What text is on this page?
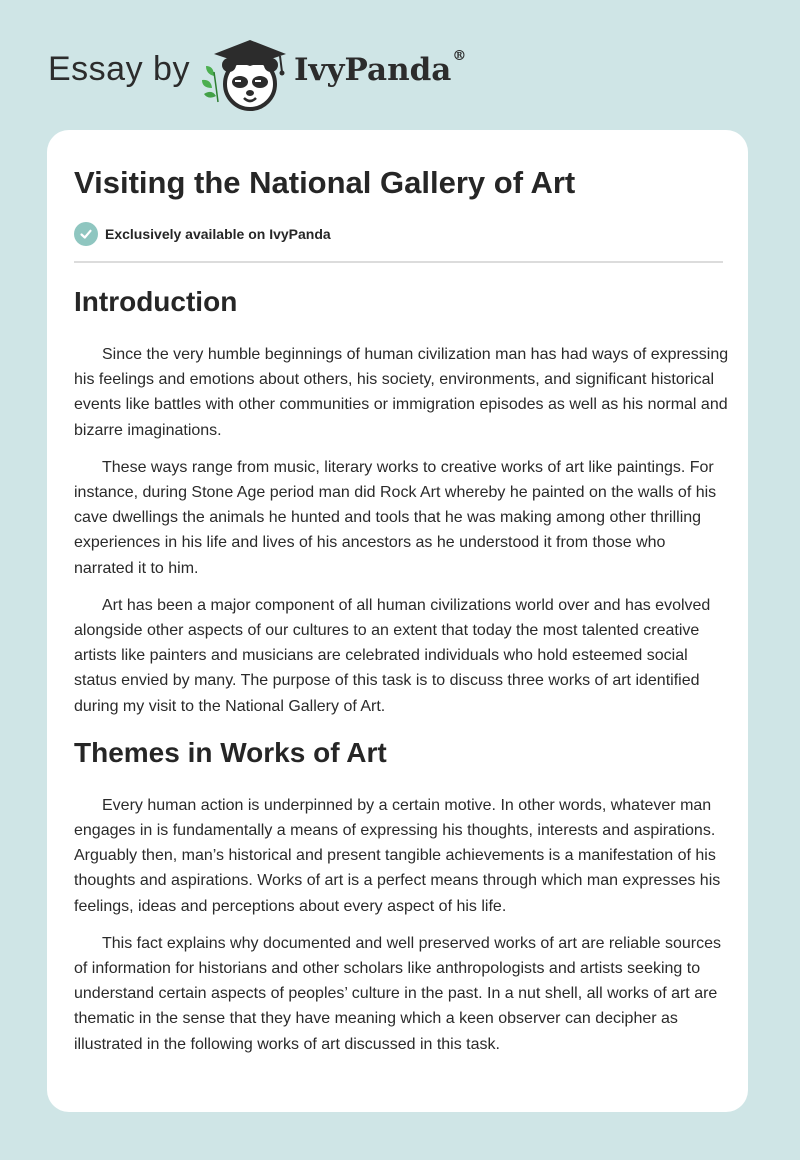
Essay by	IvyPanda®
Visiting the National Gallery of Art
Exclusively available on IvyPanda
Introduction

Since the very humble beginnings of human civilization man has had ways of expressing his feelings and emotions about others, his society, environments, and significant historical events like battles with other communities or immigration episodes as well as his normal and bizarre imaginations.

These ways range from music, literary works to creative works of art like paintings. For instance, during Stone Age period man did Rock Art whereby he painted on the walls of his cave dwellings the animals he hunted and tools that he was making among other thrilling experiences in his life and lives of his ancestors as he understood it from those who narrated it to him.

Art has been a major component of all human civilizations world over and has evolved alongside other aspects of our cultures to an extent that today the most talented creative artists like painters and musicians are celebrated individuals who hold esteemed social status envied by many. The purpose of this task is to discuss three works of art identified during my visit to the National Gallery of Art.

Themes in Works of Art

Every human action is underpinned by a certain motive. In other words, whatever man engages in is fundamentally a means of expressing his thoughts, interests and aspirations. Arguably then, man’s historical and present tangible achievements is a manifestation of his thoughts and aspirations. Works of art is a perfect means through which man expresses his feelings, ideas and perceptions about every aspect of his life.

This fact explains why documented and well preserved works of art are reliable sources of information for historians and other scholars like anthropologists and artists seeking to understand certain aspects of peoples’ culture in the past. In a nut shell, all works of art are thematic in the sense that they have meaning which a keen observer can decipher as illustrated in the following works of art discussed in this task.
